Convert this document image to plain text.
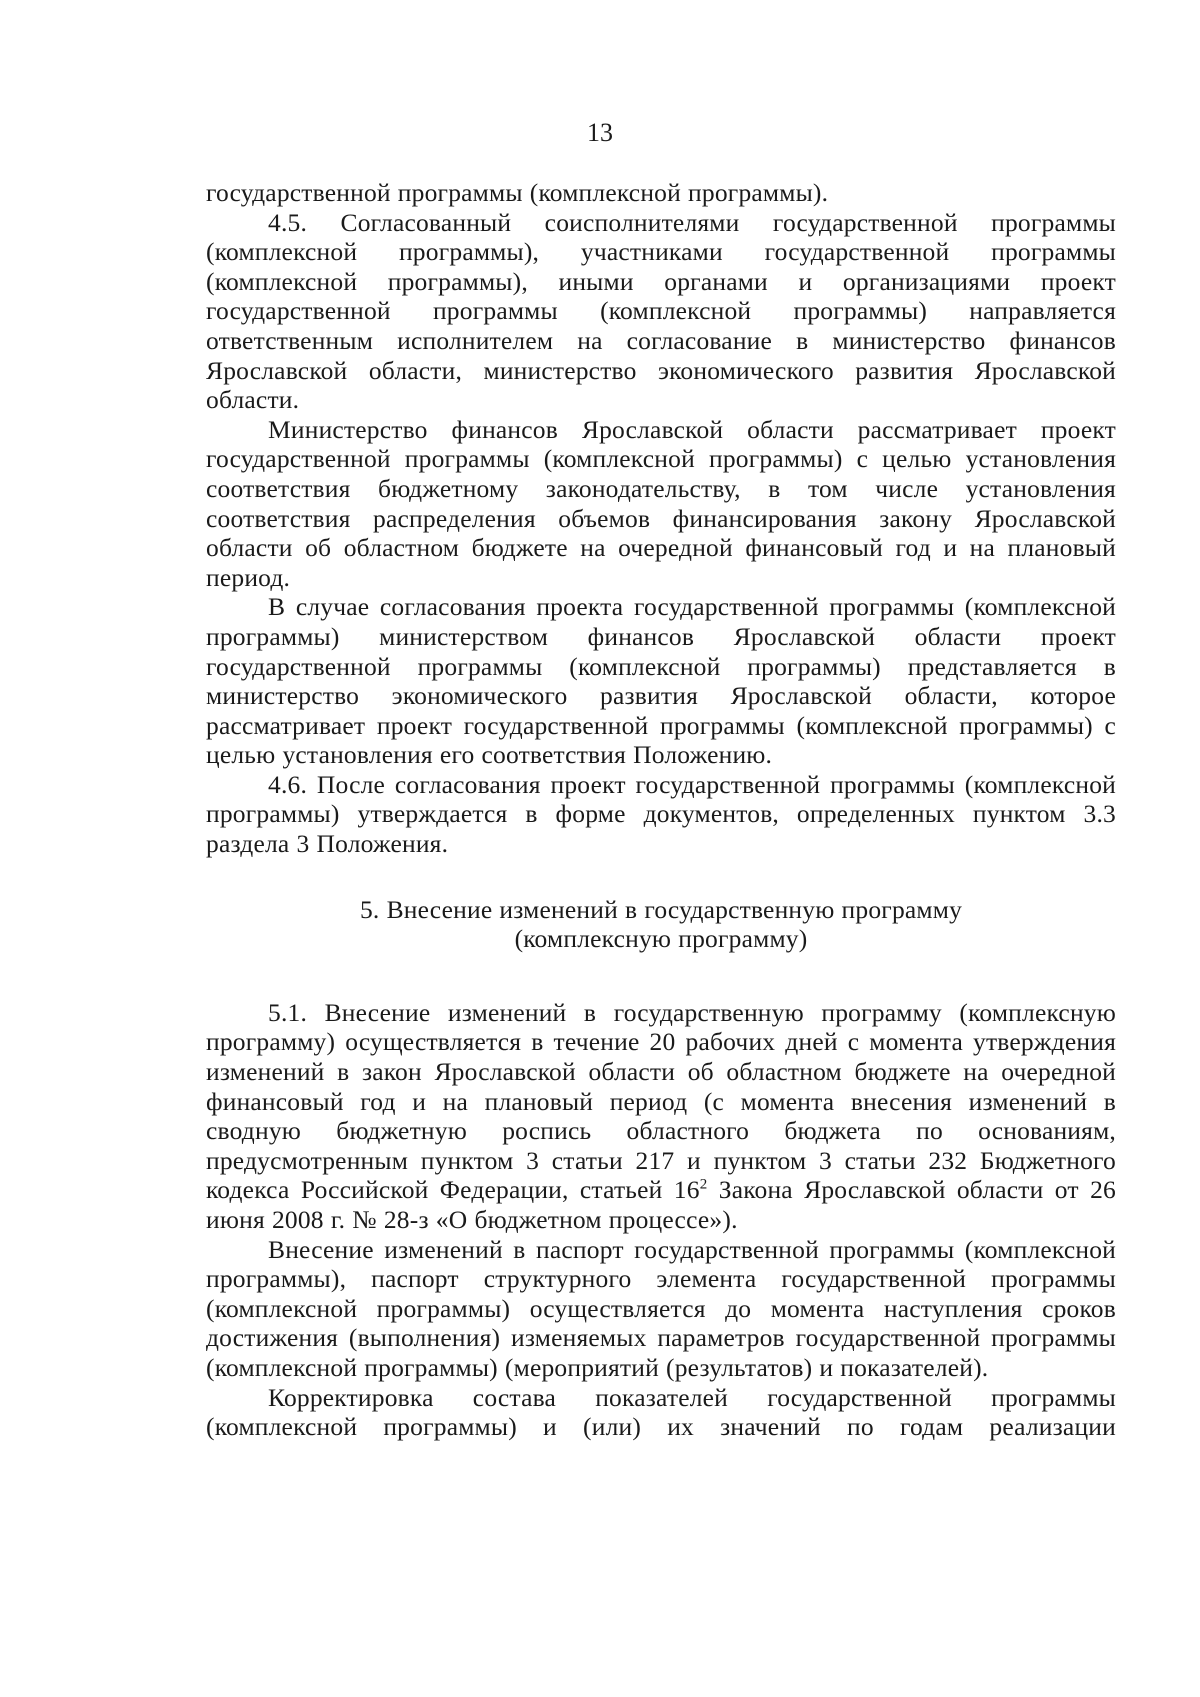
13

государственной программы (комплексной программы).

4.5. Согласованный соисполнителями государственной программы (комплексной программы), участниками государственной программы (комплексной программы), иными органами и организациями проект государственной программы (комплексной программы) направляется ответственным исполнителем на согласование в министерство финансов Ярославской области, министерство экономического развития Ярославской области.

Министерство финансов Ярославской области рассматривает проект государственной программы (комплексной программы) с целью установления соответствия бюджетному законодательству, в том числе установления соответствия распределения объемов финансирования закону Ярославской области об областном бюджете на очередной финансовый год и на плановый период.

В случае согласования проекта государственной программы (комплексной программы) министерством финансов Ярославской области проект государственной программы (комплексной программы) представляется в министерство экономического развития Ярославской области, которое рассматривает проект государственной программы (комплексной программы) с целью установления его соответствия Положению.

4.6. После согласования проект государственной программы (комплексной программы) утверждается в форме документов, определенных пунктом 3.3 раздела 3 Положения.

5. Внесение изменений в государственную программу
(комплексную программу)

5.1. Внесение изменений в государственную программу (комплексную программу) осуществляется в течение 20 рабочих дней с момента утверждения изменений в закон Ярославской области об областном бюджете на очередной финансовый год и на плановый период (с момента внесения изменений в сводную бюджетную роспись областного бюджета по основаниям, предусмотренным пунктом 3 статьи 217 и пунктом 3 статьи 232 Бюджетного кодекса Российской Федерации, статьей $16^2$ Закона Ярославской области от 26 июня 2008 г. № 28-з «О бюджетном процессе»).

Внесение изменений в паспорт государственной программы (комплексной программы), паспорт структурного элемента государственной программы (комплексной программы) осуществляется до момента наступления сроков достижения (выполнения) изменяемых параметров государственной программы (комплексной программы) (мероприятий (результатов) и показателей).

Корректировка состава показателей государственной программы (комплексной программы) и (или) их значений по годам реализации
